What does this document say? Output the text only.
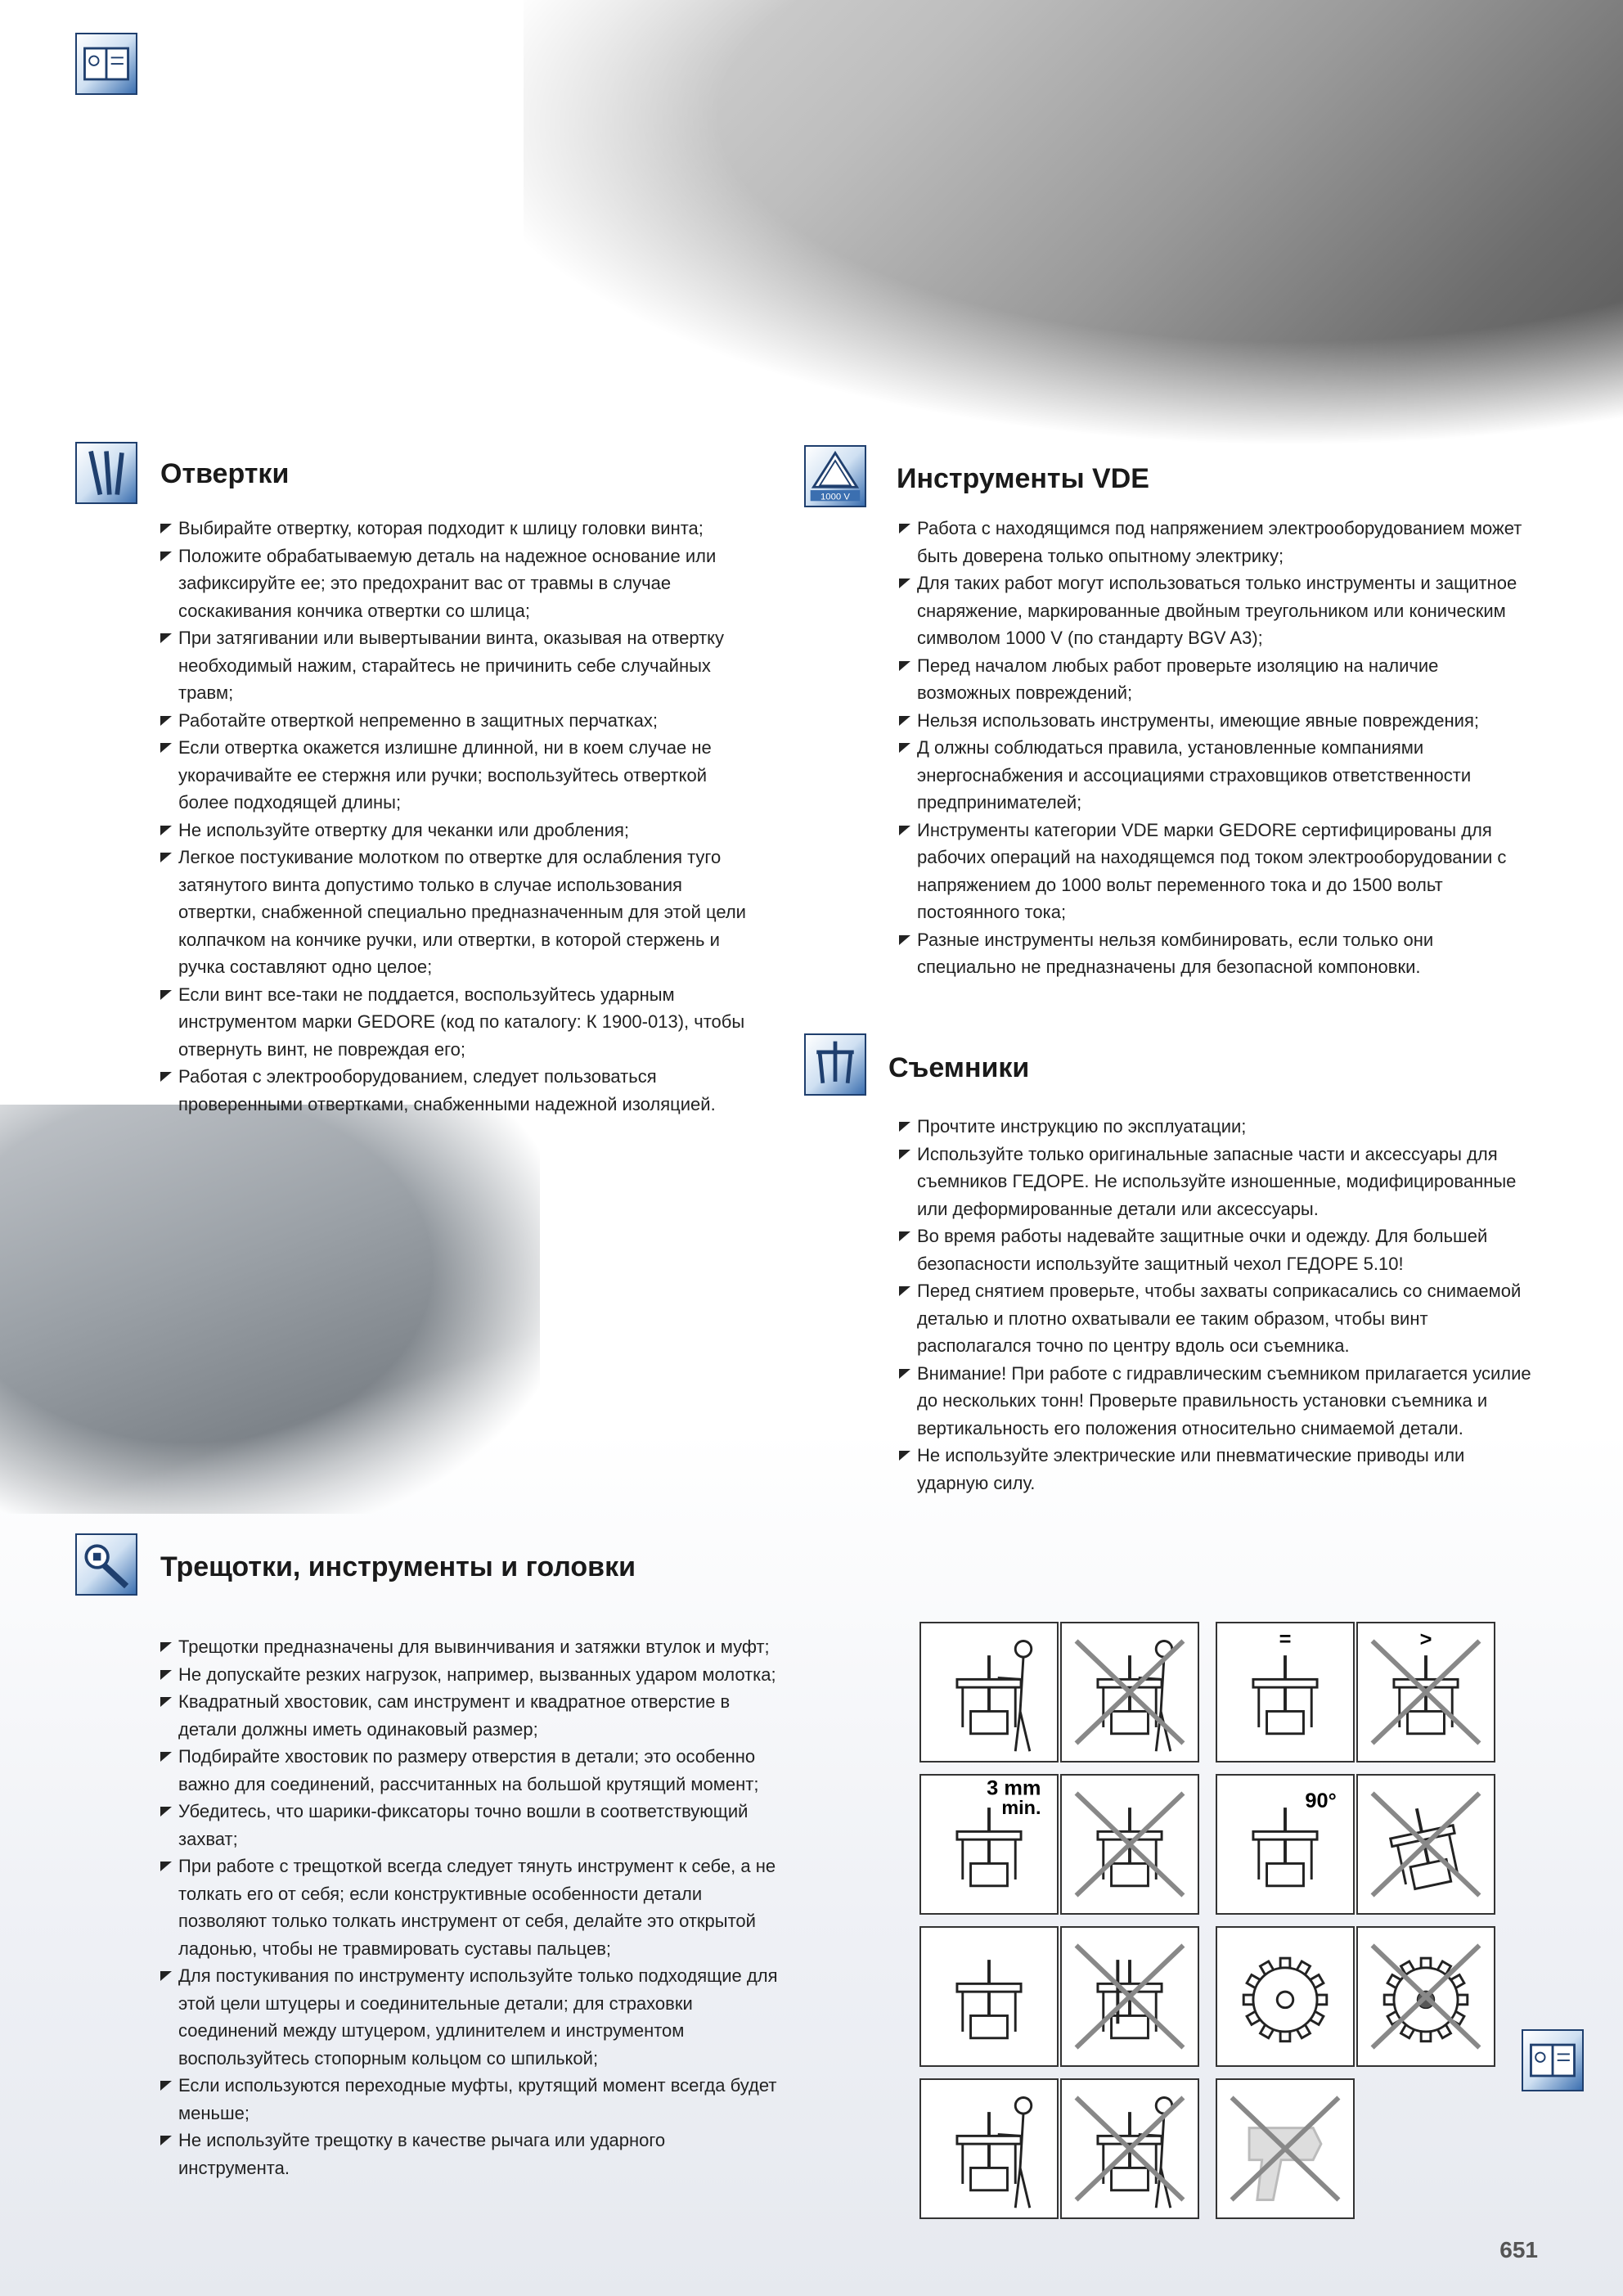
Отвертки
Выбирайте отвертку, которая подходит к шлицу головки винта;
Положите обрабатываемую деталь на надежное основание или зафиксируйте ее; это предохранит вас от травмы в случае соскакивания кончика отвертки со шлица;
При затягивании или вывертывании винта, оказывая на отвертку необходимый нажим, старайтесь не причинить себе случайных травм;
Работайте отверткой непременно в защитных перчатках;
Если отвертка окажется излишне длинной, ни в коем случае не укорачивайте ее стержня или ручки; воспользуйтесь отверткой более подходящей длины;
Не используйте отвертку для чеканки или дробления;
Легкое постукивание молотком по отвертке для ослабления туго затянутого винта допустимо только в случае использования отвертки, снабженной специально предназначенным для этой цели колпачком на кончике ручки, или отвертки, в которой стержень и ручка составляют одно целое;
Если винт все-таки не поддается, воспользуйтесь ударным инструментом марки GEDORE (код по каталогу: К 1900-013), чтобы отвернуть винт, не повреждая его;
Работая с электрооборудованием, следует пользоваться проверенными отвертками, снабженными надежной изоляцией.
1000 V
Инструменты VDE
Работа с находящимся под напряжением электрооборудованием может быть доверена только опытному электрику;
Для таких работ могут использоваться только инструменты и защитное снаряжение, маркированные двойным треугольником или коническим символом 1000 V (по стандарту BGV A3);
Перед началом любых работ проверьте изоляцию на наличие возможных повреждений;
Нельзя использовать инструменты, имеющие явные повреждения;
Д олжны соблюдаться правила, установленные компаниями энергоснабжения и ассоциациями страховщиков ответственности предпринимателей;
Инструменты категории VDE марки GEDORE сертифицированы для рабочих операций на находящемся под током электрооборудовании с напряжением до 1000 вольт переменного тока и до 1500 вольт постоянного тока;
Разные инструменты нельзя комбинировать, если только они специально не предназначены для безопасной компоновки.
Съемники
Прочтите инструкцию по эксплуатации;
Используйте только оригинальные запасные части и аксессуары для съемников ГЕДОРЕ. Не используйте изношенные, модифицированные или деформированные детали или аксессуары.
Во время работы надевайте защитные очки и одежду. Для большей безопасности используйте защитный чехол ГЕДОРЕ 5.10!
Перед снятием проверьте, чтобы захваты соприкасались со снимаемой деталью и плотно охватывали ее таким образом, чтобы винт располагался точно по центру вдоль оси съемника.
Внимание! При работе с гидравлическим съемником прилагается усилие до нескольких тонн! Проверьте правильность установки съемника и вертикальность его положения относительно снимаемой детали.
Не используйте электрические или пневматические приводы или ударную силу.
Трещотки, инструменты и головки
Трещотки предназначены для вывинчивания и затяжки втулок и муфт;
Не допускайте резких нагрузок, например, вызванных ударом молотка;
Квадратный хвостовик, сам инструмент и квадратное отверстие в детали должны иметь одинаковый размер;
Подбирайте хвостовик по размеру отверстия в детали; это особенно важно для соединений, рассчитанных на большой крутящий момент;
Убедитесь, что шарики-фиксаторы точно вошли в соответствующий захват;
При работе с трещоткой всегда следует тянуть инструмент к себе, а не толкать его от себя; если конструктивные особенности детали позволяют только толкать инструмент от себя, делайте это открытой ладонью, чтобы не травмировать суставы пальцев;
Для постукивания по инструменту используйте только подходящие для этой цели штуцеры и соединительные детали; для страховки соединений между штуцером, удлинителем и инструментом воспользуйтесь стопорным кольцом со шпилькой;
Если используются переходные муфты, крутящий момент всегда будет меньше;
Не используйте трещотку в качестве рычага или ударного инструмента.
=	>
3 mm
min.	90°
651
